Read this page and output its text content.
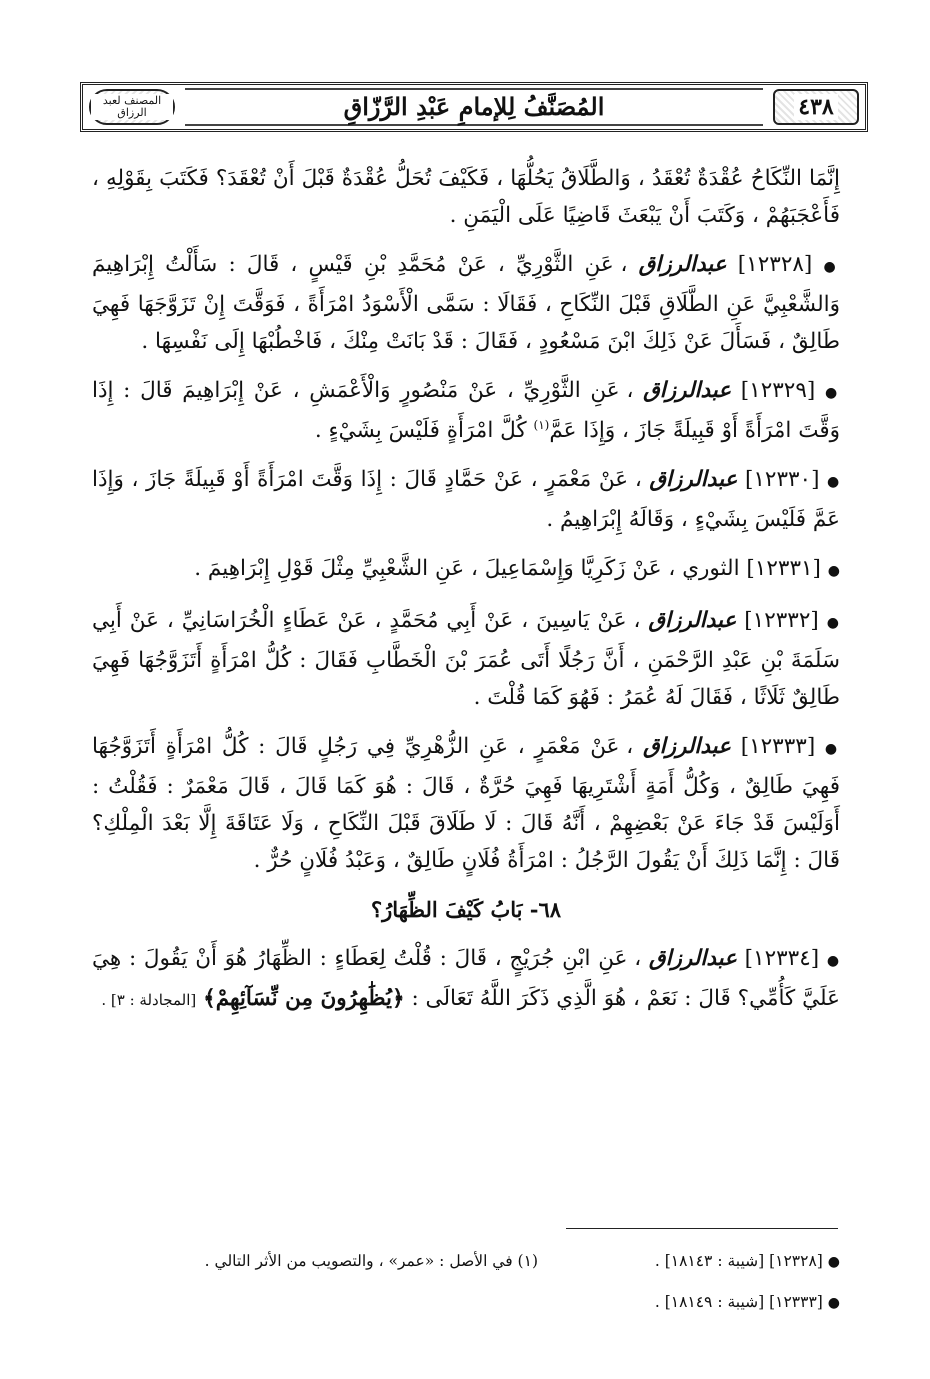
٤٣٨
المُصَنَّفُ لِلإمامِ عَبْدِ الرَّزّاقِ
المصنف لعبد الرزاق

إِنَّمَا النِّكَاحُ عُقْدَةٌ تُعْقَدُ ، وَالطَّلَاقُ يَحُلُّهَا ، فَكَيْفَ تُحَلُّ عُقْدَةٌ قَبْلَ أَنْ تُعْقَدَ؟ فَكَتَبَ بِقَوْلِهِ ، فَأَعْجَبَهُمْ ، وَكَتَبَ أَنْ يَبْعَثَ قَاضِيًا عَلَى الْيَمَنِ .

● [١٢٣٢٨] عبدالرزاق ، عَنِ الثَّوْرِيِّ ، عَنْ مُحَمَّدِ بْنِ قَيْسٍ ، قَالَ : سَأَلْتُ إِبْرَاهِيمَ وَالشَّعْبِيَّ عَنِ الطَّلَاقِ قَبْلَ النِّكَاحِ ، فَقَالَا : سَمَّى الْأَسْوَدُ امْرَأَةً ، فَوَقَّتَ إِنْ تَزَوَّجَهَا فَهِيَ طَالِقٌ ، فَسَأَلَ عَنْ ذَلِكَ ابْنَ مَسْعُودٍ ، فَقَالَ : قَدْ بَانَتْ مِنْكَ ، فَاخْطُبْهَا إِلَى نَفْسِهَا .

● [١٢٣٢٩] عبدالرزاق ، عَنِ الثَّوْرِيِّ ، عَنْ مَنْصُورٍ وَالْأَعْمَشِ ، عَنْ إِبْرَاهِيمَ قَالَ : إِذَا وَقَّتَ امْرَأَةً أَوْ قَبِيلَةً جَازَ ، وَإِذَا عَمَّ$^{(١)}$ كُلَّ امْرَأَةٍ فَلَيْسَ بِشَيْءٍ .

● [١٢٣٣٠] عبدالرزاق ، عَنْ مَعْمَرٍ ، عَنْ حَمَّادٍ قَالَ : إِذَا وَقَّتَ امْرَأَةً أَوْ قَبِيلَةً جَازَ ، وَإِذَا عَمَّ فَلَيْسَ بِشَيْءٍ ، وَقَالَهُ إِبْرَاهِيمُ .

● [١٢٣٣١] الثوري ، عَنْ زَكَرِيَّا وَإِسْمَاعِيلَ ، عَنِ الشَّعْبِيِّ مِثْلَ قَوْلِ إِبْرَاهِيمَ .

● [١٢٣٣٢] عبدالرزاق ، عَنْ يَاسِينَ ، عَنْ أَبِي مُحَمَّدٍ ، عَنْ عَطَاءٍ الْخُرَاسَانِيِّ ، عَنْ أَبِي سَلَمَةَ بْنِ عَبْدِ الرَّحْمَنِ ، أَنَّ رَجُلًا أَتَى عُمَرَ بْنَ الْخَطَّابِ فَقَالَ : كُلُّ امْرَأَةٍ أَتَزَوَّجُهَا فَهِيَ طَالِقٌ ثَلَاثًا ، فَقَالَ لَهُ عُمَرُ : فَهُوَ كَمَا قُلْتَ .

● [١٢٣٣٣] عبدالرزاق ، عَنْ مَعْمَرٍ ، عَنِ الزُّهْرِيِّ فِي رَجُلٍ قَالَ : كُلُّ امْرَأَةٍ أَتَزَوَّجُهَا فَهِيَ طَالِقٌ ، وَكُلُّ أَمَةٍ أَشْتَرِيهَا فَهِيَ حُرَّةٌ ، قَالَ : هُوَ كَمَا قَالَ ، قَالَ مَعْمَرٌ : فَقُلْتُ : أَوَلَيْسَ قَدْ جَاءَ عَنْ بَعْضِهِمْ ، أَنَّهُ قَالَ : لَا طَلَاقَ قَبْلَ النِّكَاحِ ، وَلَا عَتَاقَةَ إِلَّا بَعْدَ الْمِلْكِ؟ قَالَ : إِنَّمَا ذَلِكَ أَنْ يَقُولَ الرَّجُلُ : امْرَأَةُ فُلَانٍ طَالِقٌ ، وَعَبْدُ فُلَانٍ حُرٌّ .

٦٨- بَابُ كَيْفَ الظِّهَارُ؟

● [١٢٣٣٤] عبدالرزاق ، عَنِ ابْنِ جُرَيْجٍ ، قَالَ : قُلْتُ لِعَطَاءٍ : الظِّهَارُ هُوَ أَنْ يَقُولَ : هِيَ عَلَيَّ كَأُمِّي؟ قَالَ : نَعَمْ ، هُوَ الَّذِي ذَكَرَ اللَّهُ تَعَالَى : ﴿يُظَٰهِرُونَ مِن نِّسَآئِهِمْ﴾ [المجادلة : ٣] .

● [١٢٣٢٨] [شيبة : ١٨١٤٣] .
● [١٢٣٣٣] [شيبة : ١٨١٤٩] .
(١) في الأصل : «عمر» ، والتصويب من الأثر التالي .
